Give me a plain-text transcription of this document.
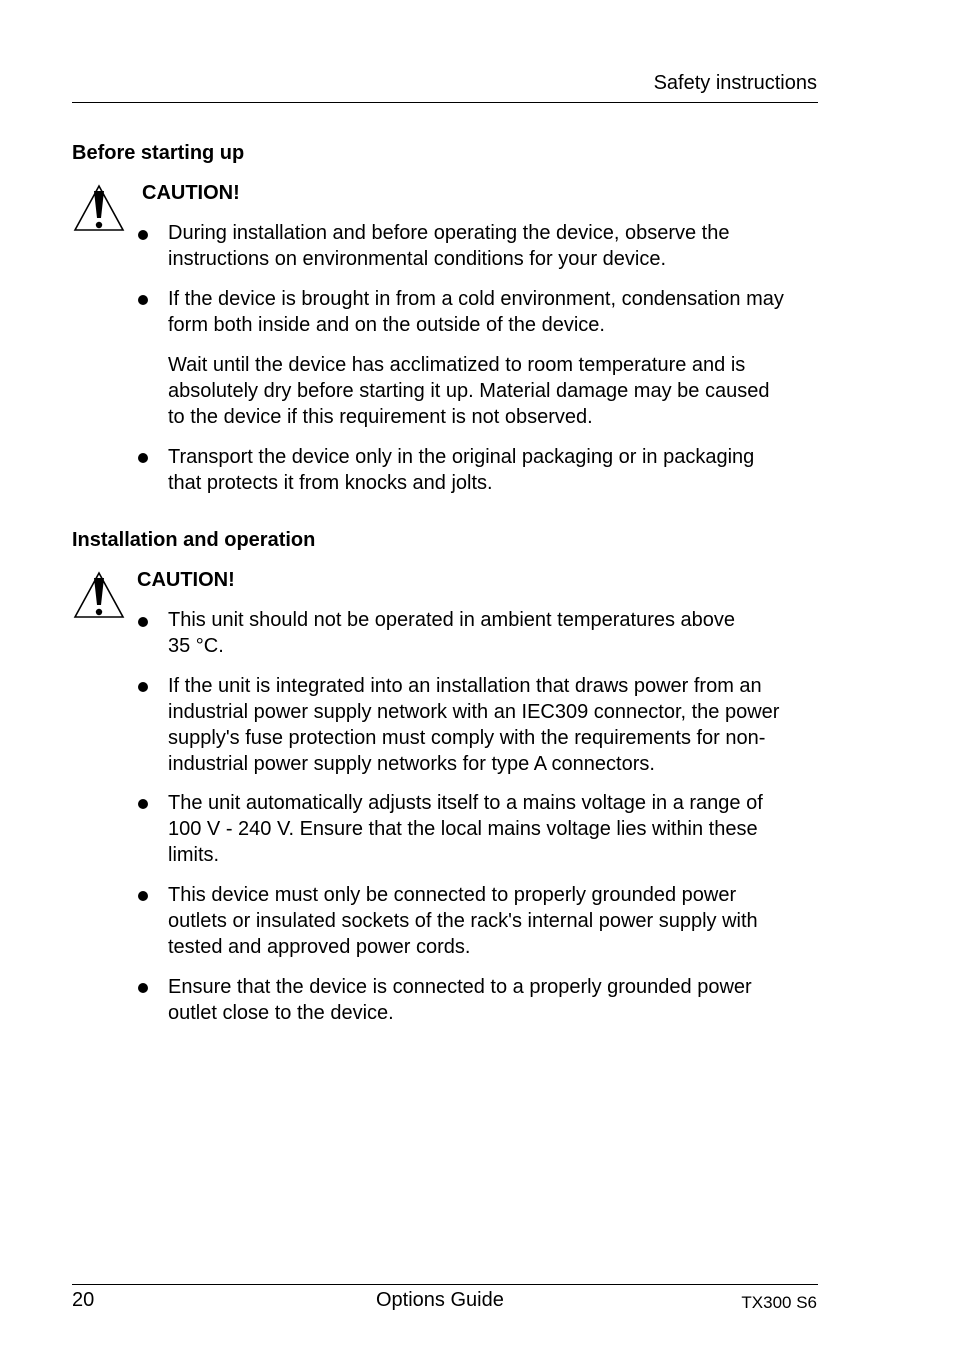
Safety instructions
Before starting up
CAUTION!
During installation and before operating the device, observe the
instructions on environmental conditions for your device.
If the device is brought in from a cold environment, condensation may
form both inside and on the outside of the device.
Wait until the device has acclimatized to room temperature and is
absolutely dry before starting it up. Material damage may be caused
to the device if this requirement is not observed.
Transport the device only in the original packaging or in packaging
that protects it from knocks and jolts.
Installation and operation
CAUTION!
This unit should not be operated in ambient temperatures above
35 °C.
If the unit is integrated into an installation that draws power from an
industrial power supply network with an IEC309 connector, the power
supply's fuse protection must comply with the requirements for non-
industrial power supply networks for type A connectors.
The unit automatically adjusts itself to a mains voltage in a range of
100 V - 240 V. Ensure that the local mains voltage lies within these
limits.
This device must only be connected to properly grounded power
outlets or insulated sockets of the rack's internal power supply with
tested and approved power cords.
Ensure that the device is connected to a properly grounded power
outlet close to the device.
20	Options Guide	TX300 S6
